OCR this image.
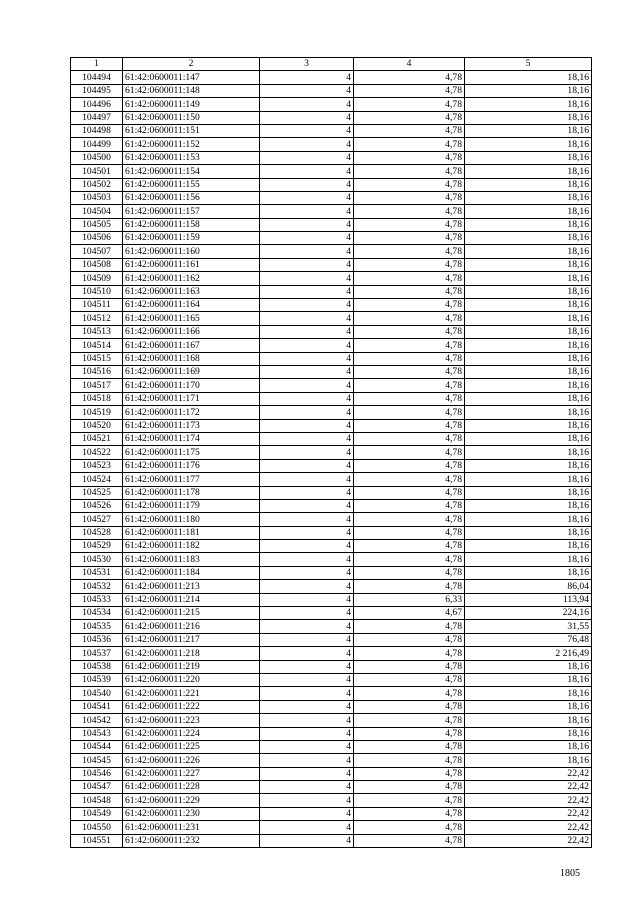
1	2	3	4	5
104494	61:42:0600011:147	4	4,78	18,16
104495	61:42:0600011:148	4	4,78	18,16
104496	61:42:0600011:149	4	4,78	18,16
104497	61:42:0600011:150	4	4,78	18,16
104498	61:42:0600011:151	4	4,78	18,16
104499	61:42:0600011:152	4	4,78	18,16
104500	61:42:0600011:153	4	4,78	18,16
104501	61:42:0600011:154	4	4,78	18,16
104502	61:42:0600011:155	4	4,78	18,16
104503	61:42:0600011:156	4	4,78	18,16
104504	61:42:0600011:157	4	4,78	18,16
104505	61:42:0600011:158	4	4,78	18,16
104506	61:42:0600011:159	4	4,78	18,16
104507	61:42:0600011:160	4	4,78	18,16
104508	61:42:0600011:161	4	4,78	18,16
104509	61:42:0600011:162	4	4,78	18,16
104510	61:42:0600011:163	4	4,78	18,16
104511	61:42:0600011:164	4	4,78	18,16
104512	61:42:0600011:165	4	4,78	18,16
104513	61:42:0600011:166	4	4,78	18,16
104514	61:42:0600011:167	4	4,78	18,16
104515	61:42:0600011:168	4	4,78	18,16
104516	61:42:0600011:169	4	4,78	18,16
104517	61:42:0600011:170	4	4,78	18,16
104518	61:42:0600011:171	4	4,78	18,16
104519	61:42:0600011:172	4	4,78	18,16
104520	61:42:0600011:173	4	4,78	18,16
104521	61:42:0600011:174	4	4,78	18,16
104522	61:42:0600011:175	4	4,78	18,16
104523	61:42:0600011:176	4	4,78	18,16
104524	61:42:0600011:177	4	4,78	18,16
104525	61:42:0600011:178	4	4,78	18,16
104526	61:42:0600011:179	4	4,78	18,16
104527	61:42:0600011:180	4	4,78	18,16
104528	61:42:0600011:181	4	4,78	18,16
104529	61:42:0600011:182	4	4,78	18,16
104530	61:42:0600011:183	4	4,78	18,16
104531	61:42:0600011:184	4	4,78	18,16
104532	61:42:0600011:213	4	4,78	86,04
104533	61:42:0600011:214	4	6,33	113,94
104534	61:42:0600011:215	4	4,67	224,16
104535	61:42:0600011:216	4	4,78	31,55
104536	61:42:0600011:217	4	4,78	76,48
104537	61:42:0600011:218	4	4,78	2 216,49
104538	61:42:0600011:219	4	4,78	18,16
104539	61:42:0600011:220	4	4,78	18,16
104540	61:42:0600011:221	4	4,78	18,16
104541	61:42:0600011:222	4	4,78	18,16
104542	61:42:0600011:223	4	4,78	18,16
104543	61:42:0600011:224	4	4,78	18,16
104544	61:42:0600011:225	4	4,78	18,16
104545	61:42:0600011:226	4	4,78	18,16
104546	61:42:0600011:227	4	4,78	22,42
104547	61:42:0600011:228	4	4,78	22,42
104548	61:42:0600011:229	4	4,78	22,42
104549	61:42:0600011:230	4	4,78	22,42
104550	61:42:0600011:231	4	4,78	22,42
104551	61:42:0600011:232	4	4,78	22,42
1805
